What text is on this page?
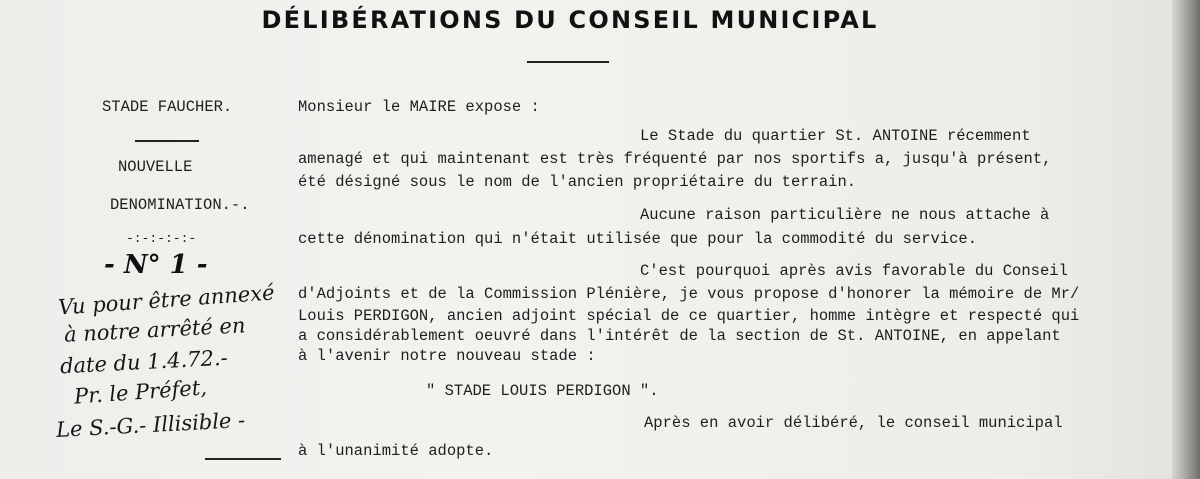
DÉLIBÉRATIONS DU CONSEIL MUNICIPAL
STADE FAUCHER.
NOUVELLE
DENOMINATION.-.
-:-:-:-:-
- N° 1 -
Vu pour être annexé
à notre arrêté en
date du 1.4.72.-
Pr. le Préfet,
Le S.-G.- Illisible -
Monsieur le MAIRE expose :
Le Stade du quartier St. ANTOINE récemment
amenagé et qui maintenant est très fréquenté par nos sportifs a, jusqu'à présent,
été désigné sous le nom de l'ancien propriétaire du terrain.
Aucune raison particulière ne nous attache à
cette dénomination qui n'était utilisée que pour la commodité du service.
C'est pourquoi après avis favorable du Conseil
d'Adjoints et de la Commission Plénière, je vous propose d'honorer la mémoire de Mr/
Louis PERDIGON, ancien adjoint spécial de ce quartier, homme intègre et respecté qui
a considérablement oeuvré dans l'intérêt de la section de St. ANTOINE, en appelant
à l'avenir notre nouveau stade :
" STADE LOUIS PERDIGON ".
Après en avoir délibéré, le conseil municipal
à l'unanimité adopte.
